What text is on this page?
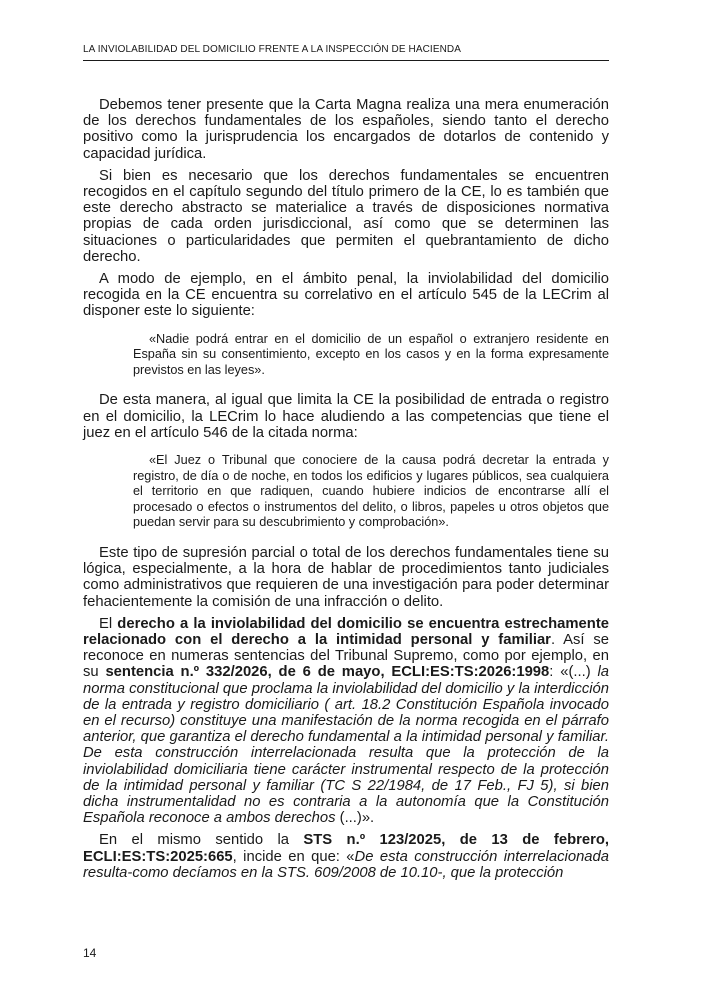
LA INVIOLABILIDAD DEL DOMICILIO FRENTE A LA INSPECCIÓN DE HACIENDA

Debemos tener presente que la Carta Magna realiza una mera enumeración de los derechos fundamentales de los españoles, siendo tanto el derecho positivo como la jurisprudencia los encargados de dotarlos de contenido y capacidad jurídica.

Si bien es necesario que los derechos fundamentales se encuentren recogidos en el capítulo segundo del título primero de la CE, lo es también que este derecho abstracto se materialice a través de disposiciones normativa propias de cada orden jurisdiccional, así como que se determinen las situaciones o particularidades que permiten el quebrantamiento de dicho derecho.

A modo de ejemplo, en el ámbito penal, la inviolabilidad del domicilio recogida en la CE encuentra su correlativo en el artículo 545 de la LECrim al disponer este lo siguiente:

«Nadie podrá entrar en el domicilio de un español o extranjero residente en España sin su consentimiento, excepto en los casos y en la forma expresamente previstos en las leyes».

De esta manera, al igual que limita la CE la posibilidad de entrada o registro en el domicilio, la LECrim lo hace aludiendo a las competencias que tiene el juez en el artículo 546 de la citada norma:

«El Juez o Tribunal que conociere de la causa podrá decretar la entrada y registro, de día o de noche, en todos los edificios y lugares públicos, sea cualquiera el territorio en que radiquen, cuando hubiere indicios de encontrarse allí el procesado o efectos o instrumentos del delito, o libros, papeles u otros objetos que puedan servir para su descubrimiento y comprobación».

Este tipo de supresión parcial o total de los derechos fundamentales tiene su lógica, especialmente, a la hora de hablar de procedimientos tanto judiciales como administrativos que requieren de una investigación para poder determinar fehacientemente la comisión de una infracción o delito.

El derecho a la inviolabilidad del domicilio se encuentra estrechamente relacionado con el derecho a la intimidad personal y familiar. Así se reconoce en numeras sentencias del Tribunal Supremo, como por ejemplo, en su sentencia n.º 332/2026, de 6 de mayo, ECLI:ES:TS:2026:1998: «(...) la norma constitucional que proclama la inviolabilidad del domicilio y la interdicción de la entrada y registro domiciliario ( art. 18.2 Constitución Española invocado en el recurso) constituye una manifestación de la norma recogida en el párrafo anterior, que garantiza el derecho fundamental a la intimidad personal y familiar. De esta construcción interrelacionada resulta que la protección de la inviolabilidad domiciliaria tiene carácter instrumental respecto de la protección de la intimidad personal y familiar (TC S 22/1984, de 17 Feb., FJ 5), si bien dicha instrumentalidad no es contraria a la autonomía que la Constitución Española reconoce a ambos derechos (...)».

En el mismo sentido la STS n.º 123/2025, de 13 de febrero, ECLI:ES:TS:2025:665, incide en que: «De esta construcción interrelacionada resulta-como decíamos en la STS. 609/2008 de 10.10-, que la protección

14
